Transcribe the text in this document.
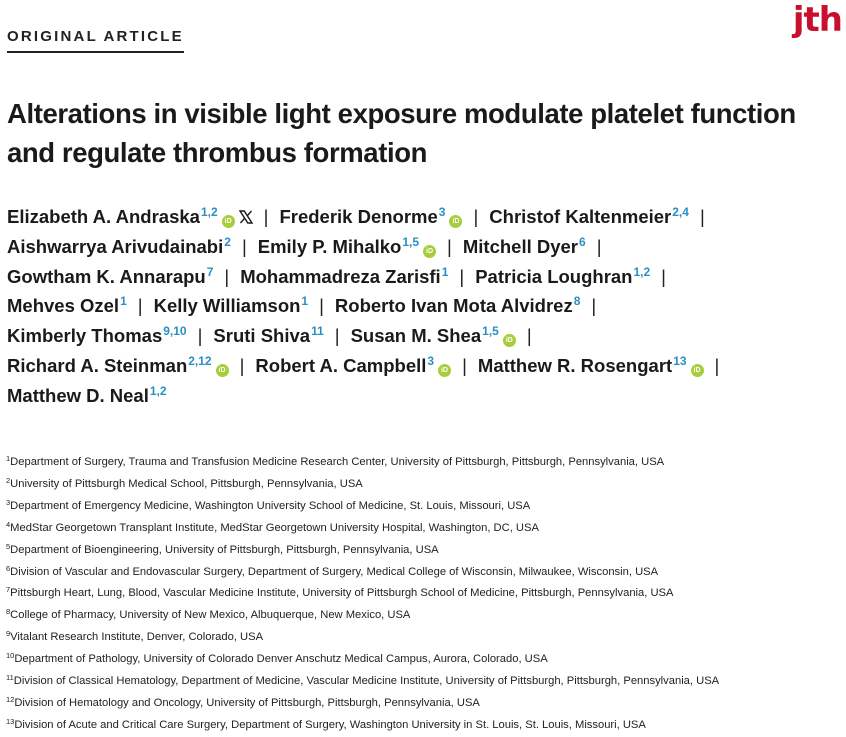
ORIGINAL ARTICLE	jth
Alterations in visible light exposure modulate platelet function and regulate thrombus formation
Elizabeth A. Andraska$^{1,2}$iD | Frederik Denorme$^3$iD | Christof Kaltenmeier$^{2,4}$ |
Aishwarrya Arivudainabi$^2$ | Emily P. Mihalko$^{1,5}$iD | Mitchell Dyer$^6$ |
Gowtham K. Annarapu$^7$ | Mohammadreza Zarisfi$^1$ | Patricia Loughran$^{1,2}$ |
Mehves Ozel$^1$ | Kelly Williamson$^1$ | Roberto Ivan Mota Alvidrez$^8$ |
Kimberly Thomas$^{9,10}$ | Sruti Shiva$^{11}$ | Susan M. Shea$^{1,5}$iD |
Richard A. Steinman$^{2,12}$iD | Robert A. Campbell$^3$iD | Matthew R. Rosengart$^{13}$iD |
Matthew D. Neal$^{1,2}$
$^1$Department of Surgery, Trauma and Transfusion Medicine Research Center, University of Pittsburgh, Pittsburgh, Pennsylvania, USA
$^2$University of Pittsburgh Medical School, Pittsburgh, Pennsylvania, USA
$^3$Department of Emergency Medicine, Washington University School of Medicine, St. Louis, Missouri, USA
$^4$MedStar Georgetown Transplant Institute, MedStar Georgetown University Hospital, Washington, DC, USA
$^5$Department of Bioengineering, University of Pittsburgh, Pittsburgh, Pennsylvania, USA
$^6$Division of Vascular and Endovascular Surgery, Department of Surgery, Medical College of Wisconsin, Milwaukee, Wisconsin, USA
$^7$Pittsburgh Heart, Lung, Blood, Vascular Medicine Institute, University of Pittsburgh School of Medicine, Pittsburgh, Pennsylvania, USA
$^8$College of Pharmacy, University of New Mexico, Albuquerque, New Mexico, USA
$^9$Vitalant Research Institute, Denver, Colorado, USA
$^{10}$Department of Pathology, University of Colorado Denver Anschutz Medical Campus, Aurora, Colorado, USA
$^{11}$Division of Classical Hematology, Department of Medicine, Vascular Medicine Institute, University of Pittsburgh, Pittsburgh, Pennsylvania, USA
$^{12}$Division of Hematology and Oncology, University of Pittsburgh, Pittsburgh, Pennsylvania, USA
$^{13}$Division of Acute and Critical Care Surgery, Department of Surgery, Washington University in St. Louis, St. Louis, Missouri, USA
